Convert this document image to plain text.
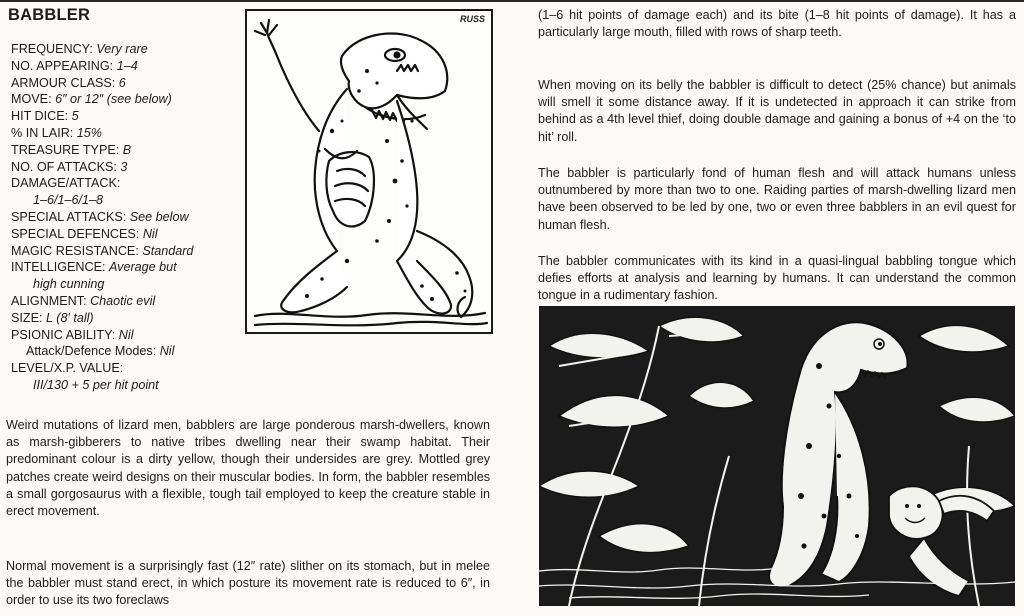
BABBLER
FREQUENCY: Very rare
NO. APPEARING: 1–4
ARMOUR CLASS: 6
MOVE: 6″ or 12″ (see below)
HIT DICE: 5
% IN LAIR: 15%
TREASURE TYPE: B
NO. OF ATTACKS: 3
DAMAGE/ATTACK:
1–6/1–6/1–8
SPECIAL ATTACKS: See below
SPECIAL DEFENCES: Nil
MAGIC RESISTANCE: Standard
INTELLIGENCE: Average but
high cunning
ALIGNMENT: Chaotic evil
SIZE: L (8′ tall)
PSIONIC ABILITY: Nil
Attack/Defence Modes: Nil
LEVEL/X.P. VALUE:
III/130 + 5 per hit point
RUSS
Weird mutations of lizard men, babblers are large ponderous marsh-dwellers, known as marsh-gibberers to native tribes dwelling near their swamp habitat. Their predominant colour is a dirty yellow, though their undersides are grey. Mottled grey patches create weird designs on their muscular bodies. In form, the babbler resembles a small gorgosaurus with a flexible, tough tail employed to keep the creature stable in erect movement.
Normal movement is a surprisingly fast (12″ rate) slither on its stomach, but in melee the babbler must stand erect, in which posture its movement rate is reduced to 6″, in order to use its two foreclaws
(1–6 hit points of damage each) and its bite (1–8 hit points of damage). It has a particularly large mouth, filled with rows of sharp teeth.
When moving on its belly the babbler is difficult to detect (25% chance) but animals will smell it some distance away. If it is undetected in approach it can strike from behind as a 4th level thief, doing double damage and gaining a bonus of +4 on the ‘to hit’ roll.
The babbler is particularly fond of human flesh and will attack humans unless outnumbered by more than two to one. Raiding parties of marsh-dwelling lizard men have been observed to be led by one, two or even three babblers in an evil quest for human flesh.
The babbler communicates with its kind in a quasi-lingual babbling tongue which defies efforts at analysis and learning by humans. It can understand the common tongue in a rudimentary fashion.
